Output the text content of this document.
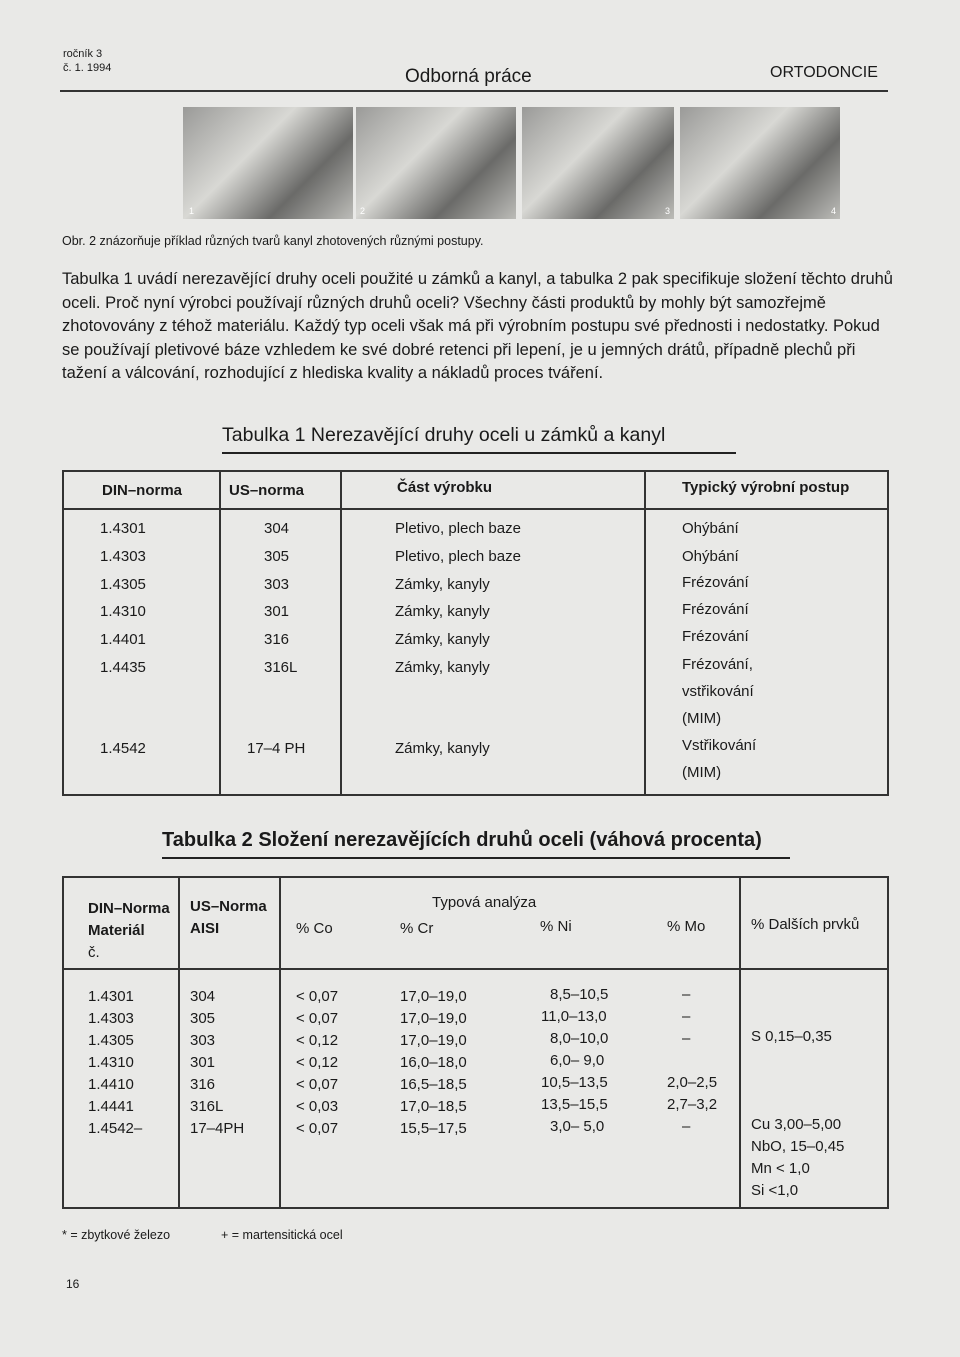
ročník 3
č. 1. 1994	Odborná práce	ORTODONCIE
1	2	3	4
Obr. 2 znázorňuje příklad různých tvarů kanyl zhotovených různými postupy.

Tabulka 1 uvádí nerezavějící druhy oceli použité u zámků a kanyl, a tabulka 2 pak specifikuje složení těchto druhů oceli. Proč nyní výrobci používají různých druhů oceli? Všechny části produktů by mohly být samozřejmě zhotovovány z téhož materiálu. Každý typ oceli však má při výrobním postupu své přednosti i nedostatky. Pokud se používají pletivové báze vzhledem ke své dobré retenci při lepení, je u jemných drátů, případně plechů při tažení a válcování, rozhodující z hlediska kvality a nákladů proces tváření.

Tabulka 1 Nerezavějící druhy oceli u zámků a kanyl
DIN–norma	US–norma	Část výrobku	Typický výrobní postup
1.4301	304	Pletivo, plech baze	Ohýbání
1.4303	305	Pletivo, plech baze	Ohýbání
1.4305	303	Zámky, kanyly	Frézování
1.4310	301	Zámky, kanyly	Frézování
1.4401	316	Zámky, kanyly	Frézování
1.4435	316L	Zámky, kanyly	Frézování,
vstřikování
(MIM)
1.4542	17–4 PH	Zámky, kanyly	Vstřikování
(MIM)
Tabulka 2 Složení nerezavějících druhů oceli (váhová procenta)
DIN–Norma
Materiál
č.
US–Norma
AISI
Typová analýza
% Co	% Cr	% Ni	% Mo	% Dalších prvků
1.4301	304	< 0,07	17,0–19,0	8,5–10,5	–
1.4303	305	< 0,07	17,0–19,0	11,0–13,0	–
1.4305	303	< 0,12	17,0–19,0	8,0–10,0	–	S 0,15–0,35
1.4310	301	< 0,12	16,0–18,0	6,0– 9,0
1.4410	316	< 0,07	16,5–18,5	10,5–13,5	2,0–2,5
1.4441	316L	< 0,03	17,0–18,5	13,5–15,5	2,7–3,2
1.4542–	17–4PH	< 0,07	15,5–17,5	3,0– 5,0	–	Cu 3,00–5,00
NbO, 15–0,45
Mn < 1,0
Si <1,0
* = zbytkové železo	+ = martensitická ocel
16
